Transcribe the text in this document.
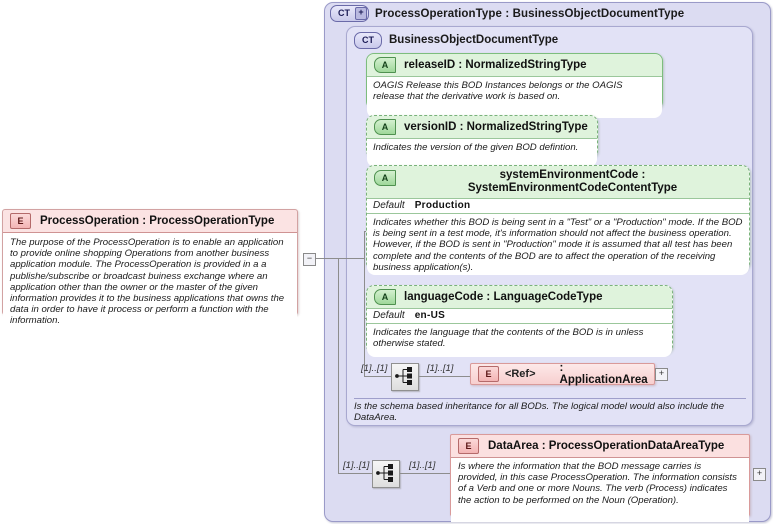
CT +	ProcessOperationType : BusinessObjectDocumentType
CT	BusinessObjectDocumentType
−
E	ProcessOperation : ProcessOperationType
The purpose of the ProcessOperation is to enable an application to provide online shopping Operations from another business application module. The ProcessOperation is provided in a a publishe/subscribe or broadcast buiness exchange where an application other than the owner or the master of the given information provides it to the business applications that owns the data in order to have it process or perform a function with the information.
A	releaseID : NormalizedStringType
OAGIS Release this BOD Instances belongs or the OAGIS release that the derivative work is based on.
A	versionID : NormalizedStringType
Indicates the version of the given BOD defintion.
A	systemEnvironmentCode : SystemEnvironmentCodeContentType
Default Production
Indicates whether this BOD is being sent in a "Test" or a "Production" mode. If the BOD is being sent in a test mode, it's information should not affect the business operation. However, if the BOD is sent in "Production" mode it is assumed that all test has been complete and the contents of the BOD are to affect the operation of the receiving business application(s).
A	languageCode : LanguageCodeType
Default en-US
Indicates the language that the contents of the BOD is in unless otherwise stated.
[1]..[1]	[1]..[1]	E	<Ref> : ApplicationArea
+
Is the schema based inheritance for all BODs. The logical model would also include the DataArea.
[1]..[1]	[1]..[1]
E	DataArea : ProcessOperationDataAreaType
Is where the information that the BOD message carries is provided, in this case ProcessOperation. The information consists of a Verb and one or more Nouns. The verb (Process) indicates the action to be performed on the Noun (Operation).
+
